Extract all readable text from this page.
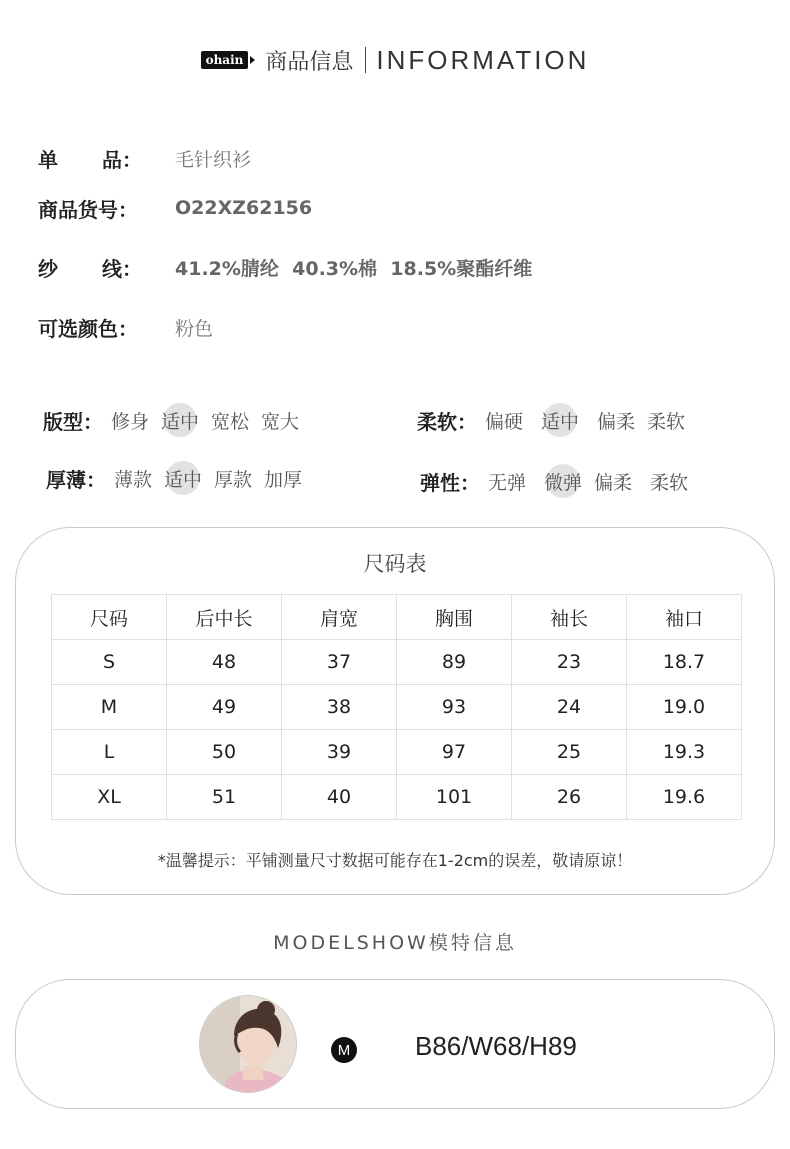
ohain 商品信息 INFORMATION
单 品： 毛针织衫
商品货号：	O22XZ62156
纱 线： 41.2%腈纶  40.3%棉  18.5%聚酯纤维
可选颜色：	粉色
版型： 修身 适中 宽松 宽大
厚薄： 薄款 适中 厚款 加厚
柔软： 偏硬 适中 偏柔 柔软
弹性： 无弹 微弹 偏柔 柔软
尺码表
尺码	后中长	肩宽	胸围	袖长	袖口
S	48	37	89	23	18.7
M	49	38	93	24	19.0
L	50	39	97	25	19.3
XL	51	40	101	26	19.6
*温馨提示：平铺测量尺寸数据可能存在1-2cm的误差，敬请原谅！
MODELSHOW模特信息
M B86/W68/H89
